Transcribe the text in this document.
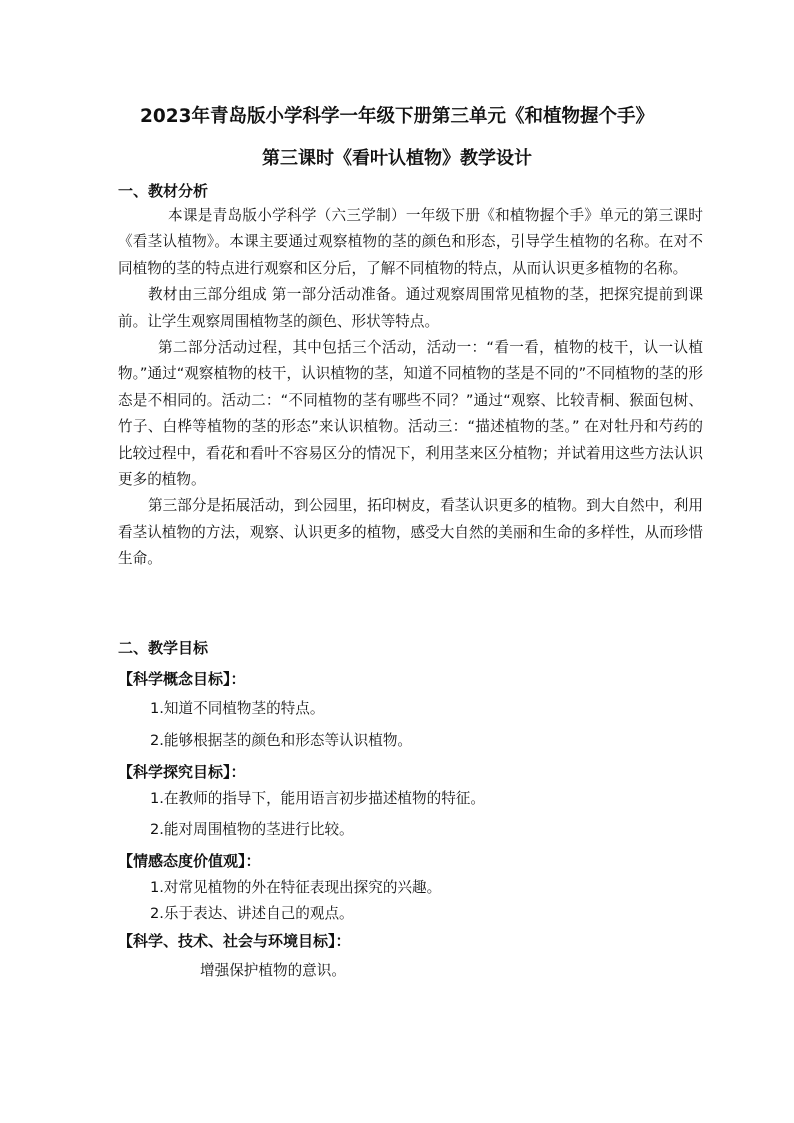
2023年青岛版小学科学一年级下册第三单元《和植物握个手》
第三课时《看叶认植物》教学设计
一、教材分析

本课是青岛版小学科学（六三学制）一年级下册《和植物握个手》单元的第三课时《看茎认植物》。本课主要通过观察植物的茎的颜色和形态，引导学生植物的名称。在对不同植物的茎的特点进行观察和区分后，了解不同植物的特点，从而认识更多植物的名称。

教材由三部分组成 第一部分活动准备。通过观察周围常见植物的茎，把探究提前到课前。让学生观察周围植物茎的颜色、形状等特点。

第二部分活动过程，其中包括三个活动，活动一：“看一看，植物的枝干，认一认植物。”通过“观察植物的枝干，认识植物的茎，知道不同植物的茎是不同的”不同植物的茎的形态是不相同的。活动二：“不同植物的茎有哪些不同？”通过“观察、比较青桐、猴面包树、竹子、白桦等植物的茎的形态”来认识植物。活动三：“描述植物的茎。” 在对牡丹和芍药的比较过程中，看花和看叶不容易区分的情况下，利用茎来区分植物；并试着用这些方法认识更多的植物。

第三部分是拓展活动，到公园里，拓印树皮，看茎认识更多的植物。到大自然中，利用看茎认植物的方法，观察、认识更多的植物，感受大自然的美丽和生命的多样性，从而珍惜生命。

二、教学目标
【科学概念目标】：
1.知道不同植物茎的特点。
2.能够根据茎的颜色和形态等认识植物。
【科学探究目标】：
1.在教师的指导下，能用语言初步描述植物的特征。
2.能对周围植物的茎进行比较。
【情感态度价值观】：
1.对常见植物的外在特征表现出探究的兴趣。
2.乐于表达、讲述自己的观点。
【科学、技术、社会与环境目标】：
增强保护植物的意识。
